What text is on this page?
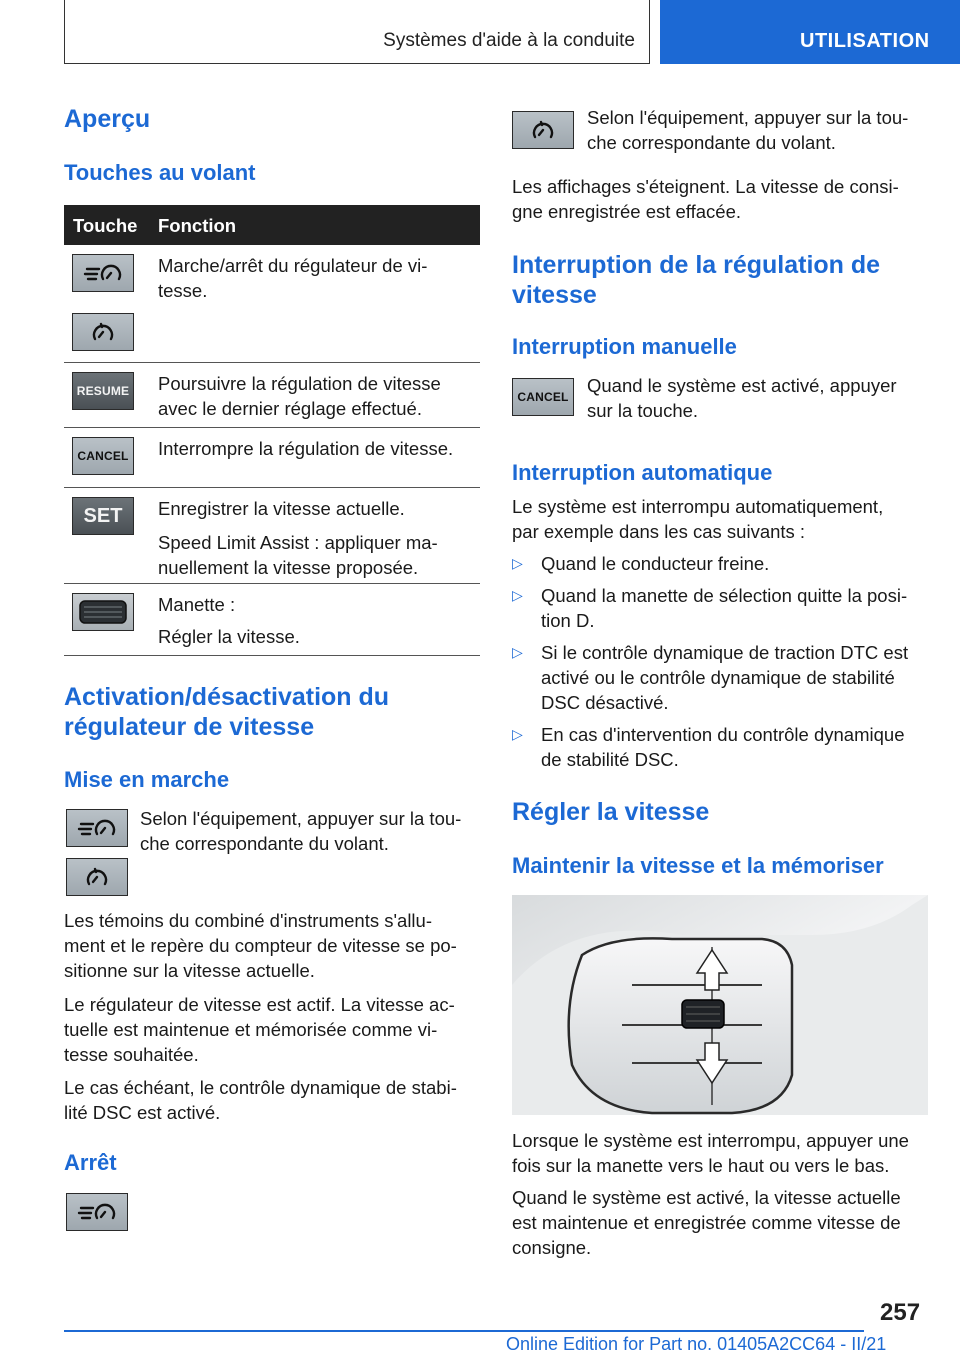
Systèmes d'aide à la conduite	UTILISATION
Aperçu
Touches au volant
Touche Fonction

Marche/arrêt du régulateur de vi-
tesse.

RESUME Poursuivre la régulation de vitesse
avec le dernier réglage effectué.

CANCEL Interrompre la régulation de vitesse.

SET Enregistrer la vitesse actuelle.

Speed Limit Assist : appliquer ma-
nuellement la vitesse proposée.

Manette :

Régler la vitesse.

Activation/désactivation du
régulateur de vitesse
Mise en marche

Selon l'équipement, appuyer sur la tou-
che correspondante du volant.

Les témoins du combiné d'instruments s'allu-
ment et le repère du compteur de vitesse se po-
sitionne sur la vitesse actuelle.

Le régulateur de vitesse est actif. La vitesse ac-
tuelle est maintenue et mémorisée comme vi-
tesse souhaitée.

Le cas échéant, le contrôle dynamique de stabi-
lité DSC est activé.

Arrêt

Selon l'équipement, appuyer sur la tou-
che correspondante du volant.

Les affichages s'éteignent. La vitesse de consi-
gne enregistrée est effacée.

Interruption de la régulation de
vitesse
Interruption manuelle
CANCEL

Quand le système est activé, appuyer
sur la touche.

Interruption automatique

Le système est interrompu automatiquement,
par exemple dans les cas suivants :

▷ Quand le conducteur freine.
▷ Quand la manette de sélection quitte la posi-
tion D.
▷ Si le contrôle dynamique de traction DTC est
activé ou le contrôle dynamique de stabilité
DSC désactivé.
▷ En cas d'intervention du contrôle dynamique
de stabilité DSC.
Régler la vitesse
Maintenir la vitesse et la mémoriser

Lorsque le système est interrompu, appuyer une
fois sur la manette vers le haut ou vers le bas.

Quand le système est activé, la vitesse actuelle
est maintenue et enregistrée comme vitesse de
consigne.

257
Online Edition for Part no. 01405A2CC64 - II/21
